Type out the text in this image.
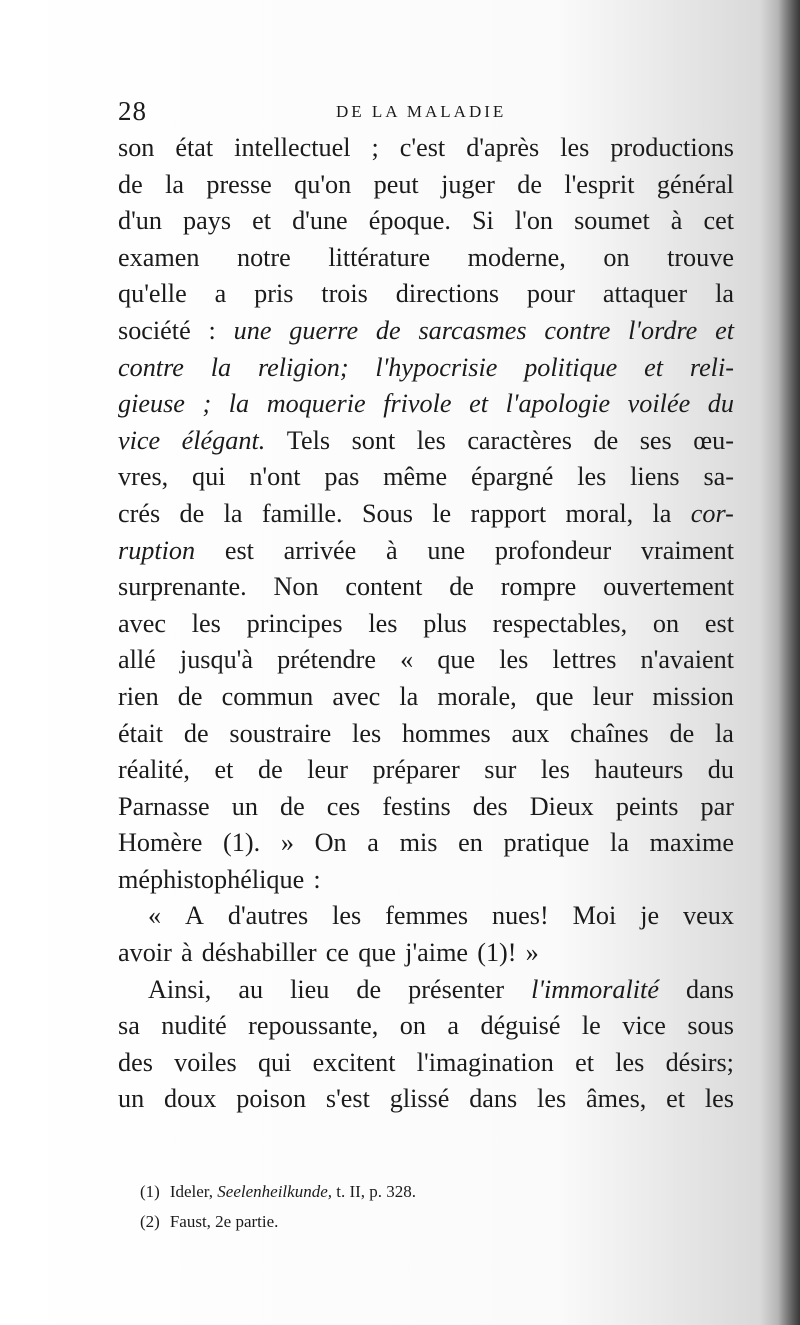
28	DE LA MALADIE
son état intellectuel ; c'est d'après les productions
de la presse qu'on peut juger de l'esprit général
d'un pays et d'une époque. Si l'on soumet à cet
examen notre littérature moderne, on trouve
qu'elle a pris trois directions pour attaquer la
société : une guerre de sarcasmes contre l'ordre et
contre la religion; l'hypocrisie politique et reli-
gieuse ; la moquerie frivole et l'apologie voilée du
vice élégant. Tels sont les caractères de ses œu-
vres, qui n'ont pas même épargné les liens sa-
crés de la famille. Sous le rapport moral, la cor-
ruption est arrivée à une profondeur vraiment
surprenante. Non content de rompre ouvertement
avec les principes les plus respectables, on est
allé jusqu'à prétendre « que les lettres n'avaient
rien de commun avec la morale, que leur mission
était de soustraire les hommes aux chaînes de la
réalité, et de leur préparer sur les hauteurs du
Parnasse un de ces festins des Dieux peints par
Homère (1). » On a mis en pratique la maxime
méphistophélique :
« A d'autres les femmes nues! Moi je veux
avoir à déshabiller ce que j'aime (1)! »
Ainsi, au lieu de présenter l'immoralité dans
sa nudité repoussante, on a déguisé le vice sous
des voiles qui excitent l'imagination et les désirs;
un doux poison s'est glissé dans les âmes, et les
(1) Ideler, Seelenheilkunde, t. II, p. 328.
(2) Faust, 2e partie.
